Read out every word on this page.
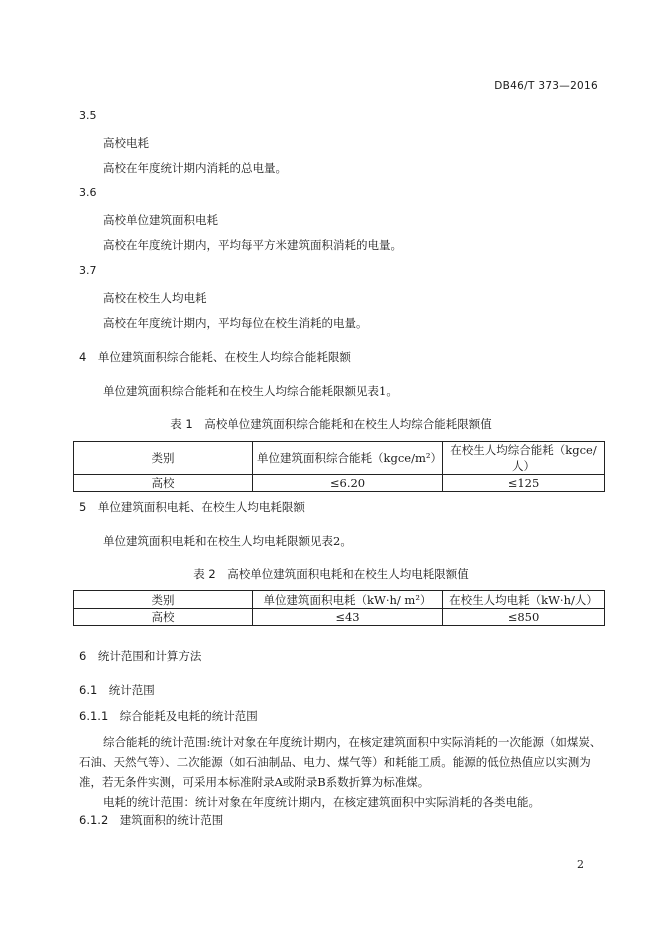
DB46/T 373—2016
3.5
高校电耗
高校在年度统计期内消耗的总电量。
3.6
高校单位建筑面积电耗
高校在年度统计期内，平均每平方米建筑面积消耗的电量。
3.7
高校在校生人均电耗
高校在年度统计期内，平均每位在校生消耗的电量。
4　单位建筑面积综合能耗、在校生人均综合能耗限额
单位建筑面积综合能耗和在校生人均综合能耗限额见表1。
表 1　高校单位建筑面积综合能耗和在校生人均综合能耗限额值
类别	单位建筑面积综合能耗（kgce/m²）	在校生人均综合能耗（kgce/人）
高校	≤6.20	≤125
5　单位建筑面积电耗、在校生人均电耗限额
单位建筑面积电耗和在校生人均电耗限额见表2。
表 2　高校单位建筑面积电耗和在校生人均电耗限额值
类别	单位建筑面积电耗（kW·h/ m²）	在校生人均电耗（kW·h/人）
高校	≤43	≤850
6　统计范围和计算方法
6.1　统计范围
6.1.1　综合能耗及电耗的统计范围
综合能耗的统计范围:统计对象在年度统计期内，在核定建筑面积中实际消耗的一次能源（如煤炭、石油、天然气等）、二次能源（如石油制品、电力、煤气等）和耗能工质。能源的低位热值应以实测为准，若无条件实测，可采用本标准附录A或附录B系数折算为标准煤。
电耗的统计范围：统计对象在年度统计期内，在核定建筑面积中实际消耗的各类电能。
6.1.2　建筑面积的统计范围
2
